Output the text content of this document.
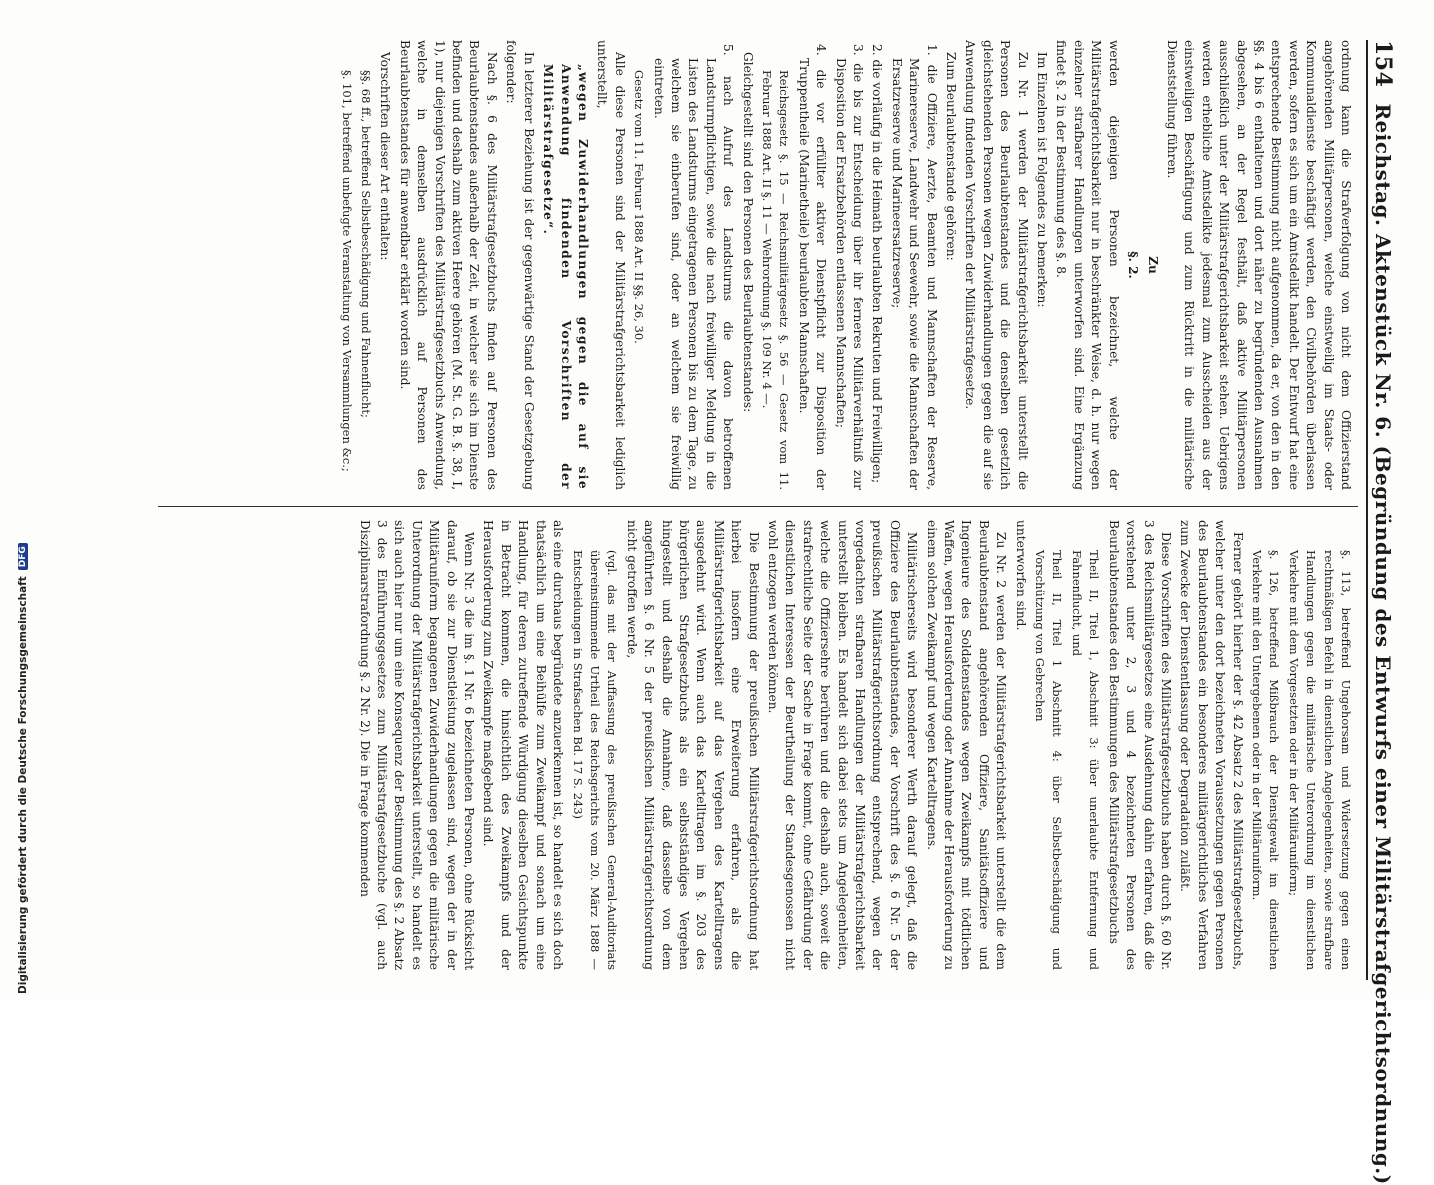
154
Reichstag. Aktenstück Nr. 6. (Begründung des Entwurfs einer Militärstrafgerichtsordnung.)

ordnung kann die Strafverfolgung von nicht dem Offizierstand angehörenden Militärpersonen, welche einstweilig im Staats- oder Kommunaldienste beschäftigt werden, den Civilbehörden überlassen werden, sofern es sich um ein Amtsdelikt handelt. Der Entwurf hat eine entsprechende Bestimmung nicht aufgenommen, da er, von den in den §§. 4 bis 6 enthaltenen und dort näher zu begründenden Ausnahmen abgesehen, an der Regel festhält, daß aktive Militärpersonen ausschließlich unter der Militärstrafgerichtsbarkeit stehen. Uebrigens werden erhebliche Amtsdelikte jedesmal zum Ausscheiden aus der einstweiligen Beschäftigung und zum Rücktritt in die militärische Dienststellung führen.

Zu

§. 2.

werden diejenigen Personen bezeichnet, welche der Militärstrafgerichtsbarkeit nur in beschränkter Weise, d. h. nur wegen einzelner strafbarer Handlungen unterworfen sind. Eine Ergänzung findet §. 2 in der Bestimmung des §. 8.

Im Einzelnen ist Folgendes zu bemerken:

Zu Nr. 1 werden der Militärstrafgerichtsbarkeit unterstellt die Personen des Beurlaubtenstandes und die denselben gesetzlich gleichstehenden Personen wegen Zuwiderhandlungen gegen die auf sie Anwendung findenden Vorschriften der Militärstrafgesetze.

Zum Beurlaubtenstande gehören:

1. die Offiziere, Aerzte, Beamten und Mannschaften der Reserve, Marinereserve, Landwehr und Seewehr, sowie die Mannschaften der Ersatzreserve und Marineersatzreserve;

2. die vorläufig in die Heimath beurlaubten Rekruten und Freiwilligen;

3. die bis zur Entscheidung über ihr ferneres Militärverhältniß zur Disposition der Ersatzbehörden entlassenen Mannschaften;

4. die vor erfüllter aktiver Dienstpflicht zur Disposition der Truppentheile (Marinetheile) beurlaubten Mannschaften.

Reichsgesetz §. 15 — Reichsmilitärgesetz §. 56 — Gesetz vom 11. Februar 1888 Art. II §. 11 — Wehrordnung §. 109 Nr. 4 —.

Gleichgestellt sind den Personen des Beurlaubtenstandes:

5. nach Aufruf des Landsturms die davon betroffenen Landsturmpflichtigen, sowie die nach freiwilliger Meldung in die Listen des Landsturms eingetragenen Personen bis zu dem Tage, zu welchem sie einberufen sind, oder an welchem sie freiwillig eintreten.

Gesetz vom 11. Februar 1888 Art. II §§. 26, 30.

Alle diese Personen sind der Militärstrafgerichtsbarkeit lediglich unterstellt,

„wegen Zuwiderhandlungen gegen die auf sie Anwendung findenden Vorschriften der Militärstrafgesetze“.

In letzterer Beziehung ist der gegenwärtige Stand der Gesetzgebung folgender:

Nach §. 6 des Militärstrafgesetzbuchs finden auf Personen des Beurlaubtenstandes außerhalb der Zeit, in welcher sie sich im Dienste befinden und deshalb zum aktiven Heere gehören (M. St. G. B. §. 38, I, 1), nur diejenigen Vorschriften des Militärstrafgesetzbuchs Anwendung, welche in demselben ausdrücklich auf Personen des Beurlaubtenstandes für anwendbar erklärt worden sind.

Vorschriften dieser Art enthalten:

§§. 68 ff., betreffend Selbstbeschädigung und Fahnenflucht;

§. 101, betreffend unbefugte Veranstaltung von Versammlungen &c.;

§. 113, betreffend Ungehorsam und Widersetzung gegen einen rechtmäßigen Befehl in dienstlichen Angelegenheiten, sowie strafbare Handlungen gegen die militärische Unterordnung im dienstlichen Verkehre mit dem Vorgesetzten oder in der Militäruniform;

§. 126, betreffend Mißbrauch der Dienstgewalt im dienstlichen Verkehre mit den Untergebenen oder in der Militäruniform.

Ferner gehört hierher der §. 42 Absatz 2 des Militärstrafgesetzbuchs, welcher unter den dort bezeichneten Voraussetzungen gegen Personen des Beurlaubtenstandes ein besonderes militärgerichtliches Verfahren zum Zwecke der Dienstentlassung oder Degradation zuläßt.

Diese Vorschriften des Militärstrafgesetzbuchs haben durch §. 60 Nr. 3 des Reichsmilitärgesetzes eine Ausdehnung dahin erfahren, daß die vorstehend unter 2, 3 und 4 bezeichneten Personen des Beurlaubtenstandes den Bestimmungen des Militärstrafgesetzbuchs

Theil II, Titel 1, Abschnitt 3: über unerlaubte Entfernung und Fahnenflucht, und

Theil II, Titel 1 Abschnitt 4: über Selbstbeschädigung und Vorschützung von Gebrechen

unterworfen sind.

Zu Nr. 2 werden der Militärstrafgerichtsbarkeit unterstellt die dem Beurlaubtenstand angehörenden Offiziere, Sanitätsoffiziere und Ingenieure des Soldatenstandes wegen Zweikampfs mit tödtlichen Waffen, wegen Herausforderung oder Annahme der Herausforderung zu einem solchen Zweikampf und wegen Kartelltragens.

Militärischerseits wird besonderer Werth darauf gelegt, daß die Offiziere des Beurlaubtenstandes, der Vorschrift des §. 6 Nr. 5 der preußischen Militärstrafgerichtsordnung entsprechend, wegen der vorgedachten strafbaren Handlungen der Militärstrafgerichtsbarkeit unterstellt bleiben. Es handelt sich dabei stets um Angelegenheiten, welche die Offiziersehre berühren und die deshalb auch, soweit die strafrechtliche Seite der Sache in Frage kommt, ohne Gefährdung der dienstlichen Interessen der Beurtheilung der Standesgenossen nicht wohl entzogen werden können.

Die Bestimmung der preußischen Militärstrafgerichtsordnung hat hierbei insofern eine Erweiterung erfahren, als die Militärstrafgerichtsbarkeit auf das Vergehen des Kartelltragens ausgedehnt wird. Wenn auch das Kartelltragen im §. 203 des bürgerlichen Strafgesetzbuchs als ein selbstständiges Vergehen hingestellt und deshalb die Annahme, daß dasselbe von dem angeführten §. 6 Nr. 5 der preußischen Militärstrafgerichtsordnung nicht getroffen werde,

(vgl. das mit der Auffassung des preußischen General-Auditoriats übereinstimmende Urtheil des Reichsgerichts vom 20. März 1888 — Entscheidungen in Strafsachen Bd. 17 S. 243)

als eine durchaus begründete anzuerkennen ist, so handelt es sich doch thatsächlich um eine Beihülfe zum Zweikampf und sonach um eine Handlung, für deren zutreffende Würdigung dieselben Gesichtspunkte in Betracht kommen, die hinsichtlich des Zweikampfs und der Herausforderung zum Zweikampfe maßgebend sind.

Wenn Nr. 3 die im §. 1 Nr. 6 bezeichneten Personen, ohne Rücksicht darauf, ob sie zur Dienstleistung zugelassen sind, wegen der in der Militäruniform begangenen Zuwiderhandlungen gegen die militärische Unterordnung der Militärstrafgerichtsbarkeit unterstellt, so handelt es sich auch hier nur um eine Konsequenz der Bestimmung des §. 2 Absatz 3 des Einführungsgesetzes zum Militärstrafgesetzbuche (vgl. auch Disziplinarstrafordnung §. 2 Nr. 2). Die in Frage kommenden

Digitalisierung gefördert durch die Deutsche Forschungsgemeinschaft
DFG
